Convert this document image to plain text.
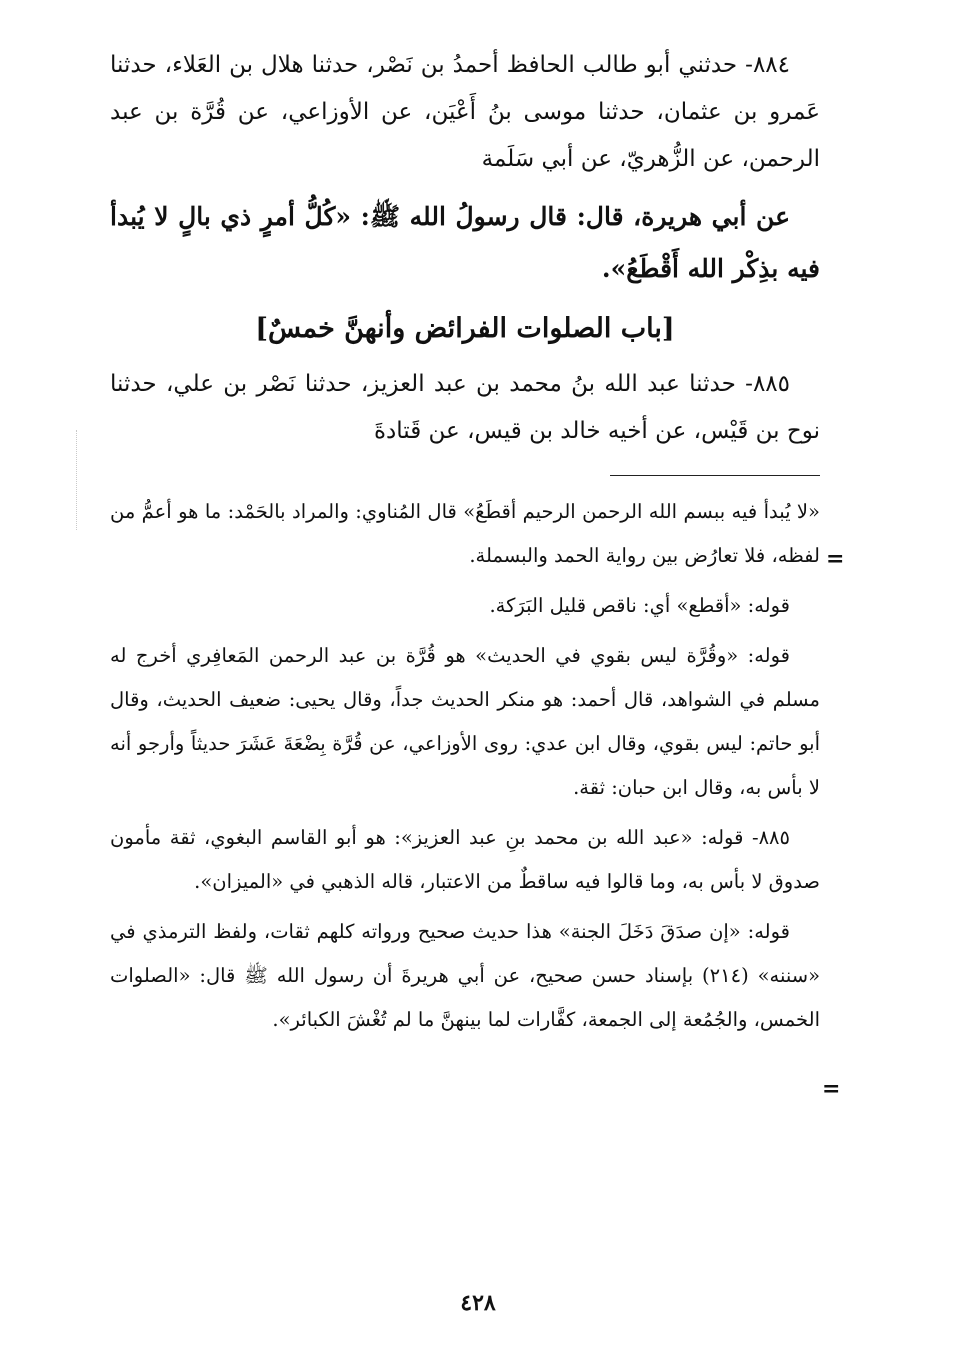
٨٨٤- حدثني أبو طالب الحافظ أحمدُ بن نَصْر، حدثنا هلال بن العَلاء، حدثنا عَمرو بن عثمان، حدثنا موسى بنُ أَعْيَن، عن الأوزاعي، عن قُرَّة بن عبد الرحمن، عن الزُّهريّ، عن أبي سَلَمة

عن أبي هريرة، قال: قال رسولُ الله ﷺ: «كُلُّ أمرٍ ذي بالٍ لا يُبدأ فيه بذِكْر الله أَقْطَعُ».

[باب الصلوات الفرائض وأنهنَّ خمسٌ]

٨٨٥- حدثنا عبد الله بنُ محمد بن عبد العزيز، حدثنا نَصْر بن علي، حدثنا نوح بن قَيْس، عن أخيه خالد بن قيس، عن قَتادةَ

«لا يُبدأ فيه ببسم الله الرحمن الرحيم أقطَعُ» قال المُناوي: والمراد بالحَمْد: ما هو أعمُّ من لفظه، فلا تعارُض بين رواية الحمد والبسملة.

قوله: «أقطع» أي: ناقص قليل البَرَكة.

قوله: «وقُرَّة ليس بقوي في الحديث» هو قُرَّة بن عبد الرحمن المَعافِري أخرج له مسلم في الشواهد، قال أحمد: هو منكر الحديث جداً، وقال يحيى: ضعيف الحديث، وقال أبو حاتم: ليس بقوي، وقال ابن عدي: روى الأوزاعي، عن قُرَّة بِضْعَةَ عَشَرَ حديثاً وأرجو أنه لا بأس به، وقال ابن حبان: ثقة.

٨٨٥- قوله: «عبد الله بن محمد بنِ عبد العزيز»: هو أبو القاسم البغوي، ثقة مأمون صدوق لا بأس به، وما قالوا فيه ساقطٌ من الاعتبار، قاله الذهبي في «الميزان».

قوله: «إن صدَقَ دَخَلَ الجنة» هذا حديث صحيح ورواته كلهم ثقات، ولفظ الترمذي في «سننه» (٢١٤) بإسناد حسن صحيح، عن أبي هريرةَ أن رسول الله ﷺ قال: «الصلوات الخمس، والجُمُعة إلى الجمعة، كفَّارات لما بينهنَّ ما لم تُغْشَ الكبائر».

=
=
٤٢٨
